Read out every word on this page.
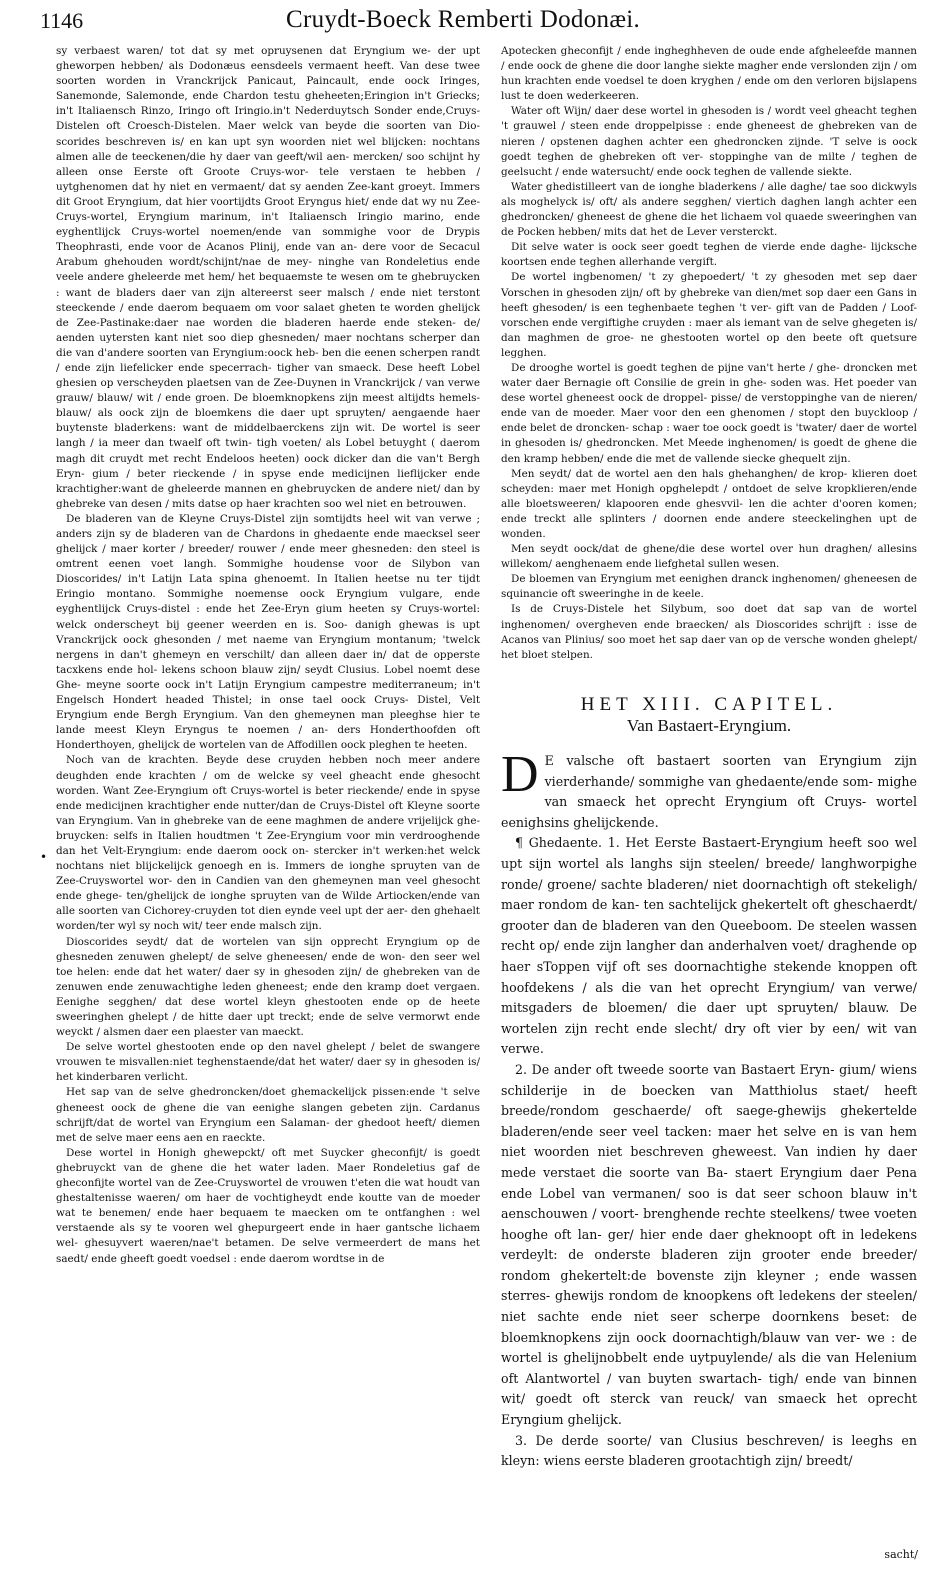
1146	Cruydt-Boeck Remberti Dodonæi.
•

sy verbaest waren/ tot dat sy met opruysenen dat Eryngium we- der upt gheworpen hebben/ als Dodonæus eensdeels vermaent heeft. Van dese twee soorten worden in Vranckrijck Panicaut, Paincault, ende oock Iringes, Sanemonde, Salemonde, ende Chardon testu gheheeten;Eringion in't Griecks; in't Italiaensch Rinzo, Iringo oft Iringio.in't Nederduytsch Sonder ende,Cruys-Distelen oft Croesch-Distelen. Maer welck van beyde die soorten van Dio- scorides beschreven is/ en kan upt syn woorden niet wel blijcken: nochtans almen alle de teeckenen/die hy daer van geeft/wil aen- mercken/ soo schijnt hy alleen onse Eerste oft Groote Cruys-wor- tele verstaen te hebben / uytghenomen dat hy niet en vermaent/ dat sy aenden Zee-kant groeyt. Immers dit Groot Eryngium, dat hier voortijdts Groot Eryngus hiet/ ende dat wy nu Zee- Cruys-wortel, Eryngium marinum, in't Italiaensch Iringio marino, ende eyghentlijck Cruys-wortel noemen/ende van sommighe voor de Drypis Theophrasti, ende voor de Acanos Plinij, ende van an- dere voor de Secacul Arabum ghehouden wordt/schijnt/nae de mey- ninghe van Rondeletius ende veele andere gheleerde met hem/ het bequaemste te wesen om te ghebruycken : want de bladers daer van zijn altereerst seer malsch / ende niet terstont steeckende / ende daerom bequaem om voor salaet gheten te worden ghelijck de Zee-Pastinake:daer nae worden die bladeren haerde ende steken- de/ aenden uytersten kant niet soo diep ghesneden/ maer nochtans scherper dan die van d'andere soorten van Eryngium:oock heb- ben die eenen scherpen randt / ende zijn liefelicker ende specerrach- tigher van smaeck. Dese heeft Lobel ghesien op verscheyden plaetsen van de Zee-Duynen in Vranckrijck / van verwe grauw/ blauw/ wit / ende groen. De bloemknopkens zijn meest altijdts hemels-blauw/ als oock zijn de bloemkens die daer upt spruyten/ aengaende haer buytenste bladerkens: want de middelbaerckens zijn wit. De wortel is seer langh / ia meer dan twaelf oft twin- tigh voeten/ als Lobel betuyght ( daerom magh dit cruydt met recht Endeloos heeten) oock dicker dan die van't Bergh Eryn- gium / beter rieckende / in spyse ende medicijnen lieflijcker ende krachtigher:want de gheleerde mannen en ghebruycken de andere niet/ dan by ghebreke van desen / mits datse op haer krachten soo wel niet en betrouwen.

De bladeren van de Kleyne Cruys-Distel zijn somtijdts heel wit van verwe ; anders zijn sy de bladeren van de Chardons in ghedaente ende maecksel seer ghelijck / maer korter / breeder/ rouwer / ende meer ghesneden: den steel is omtrent eenen voet langh. Sommighe houdense voor de Silybon van Dioscorides/ in't Latijn Lata spina ghenoemt. In Italien heetse nu ter tijdt Eringio montano. Sommighe noemense oock Eryngium vulgare, ende eyghentlijck Cruys-distel : ende het Zee-Eryn gium heeten sy Cruys-wortel: welck onderscheyt bij geener weerden en is. Soo- danigh ghewas is upt Vranckrijck oock ghesonden / met naeme van Eryngium montanum; 'twelck nergens in dan't ghemeyn en verschilt/ dan alleen daer in/ dat de opperste tacxkens ende hol- lekens schoon blauw zijn/ seydt Clusius. Lobel noemt dese Ghe- meyne soorte oock in't Latijn Eryngium campestre mediterraneum; in't Engelsch Hondert headed Thistel; in onse tael oock Cruys- Distel, Velt Eryngium ende Bergh Eryngium. Van den ghemeynen man pleeghse hier te lande meest Kleyn Eryngus te noemen / an- ders Honderthoofden oft Honderthoyen, ghelijck de wortelen van de Affodillen oock pleghen te heeten.

Noch van de krachten. Beyde dese cruyden hebben noch meer andere deughden ende krachten / om de welcke sy veel gheacht ende ghesocht worden. Want Zee-Eryngium oft Cruys-wortel is beter rieckende/ ende in spyse ende medicijnen krachtigher ende nutter/dan de Cruys-Distel oft Kleyne soorte van Eryngium. Van in ghebreke van de eene maghmen de andere vrijelijck ghe- bruycken: selfs in Italien houdtmen 't Zee-Eryngium voor min verdrooghende dan het Velt-Eryngium: ende daerom oock on- stercker in't werken:het welck nochtans niet blijckelijck genoegh en is. Immers de ionghe spruyten van de Zee-Cruyswortel wor- den in Candien van den ghemeynen man veel ghesocht ende ghege- ten/ghelijck de ionghe spruyten van de Wilde Artiocken/ende van alle soorten van Cichorey-cruyden tot dien eynde veel upt der aer- den ghehaelt worden/ter wyl sy noch wit/ teer ende malsch zijn.

Dioscorides seydt/ dat de wortelen van sijn opprecht Eryngium op de ghesneden zenuwen ghelept/ de selve gheneesen/ ende de won- den seer wel toe helen: ende dat het water/ daer sy in ghesoden zijn/ de ghebreken van de zenuwen ende zenuwachtighe leden gheneest; ende den kramp doet vergaen. Eenighe segghen/ dat dese wortel kleyn ghestooten ende op de heete sweeringhen ghelept / de hitte daer upt treckt; ende de selve vermorwt ende weyckt / alsmen daer een plaester van maeckt.

De selve wortel ghestooten ende op den navel ghelept / belet de swangere vrouwen te misvallen:niet teghenstaende/dat het water/ daer sy in ghesoden is/ het kinderbaren verlicht.

Het sap van de selve ghedroncken/doet ghemackelijck pissen:ende 't selve gheneest oock de ghene die van eenighe slangen gebeten zijn. Cardanus schrijft/dat de wortel van Eryngium een Salaman- der ghedoot heeft/ diemen met de selve maer eens aen en raeckte.

Dese wortel in Honigh ghewepckt/ oft met Suycker gheconfijt/ is goedt ghebruyckt van de ghene die het water laden. Maer Rondeletius gaf de gheconfijte wortel van de Zee-Cruyswortel de vrouwen t'eten die wat houdt van ghestaltenisse waeren/ om haer de vochtigheydt ende koutte van de moeder wat te benemen/ ende haer bequaem te maecken om te ontfanghen : wel verstaende als sy te vooren wel ghepurgeert ende in haer gantsche lichaem wel- ghesuyvert waeren/nae't betamen. De selve vermeerdert de mans het saedt/ ende gheeft goedt voedsel : ende daerom wordtse in de

Apotecken gheconfijt / ende ingheghheven de oude ende afgheleefde mannen / ende oock de ghene die door langhe siekte magher ende verslonden zijn / om hun krachten ende voedsel te doen kryghen / ende om den verloren bijslapens lust te doen wederkeeren.

Water oft Wijn/ daer dese wortel in ghesoden is / wordt veel gheacht teghen 't grauwel / steen ende droppelpisse : ende gheneest de ghebreken van de nieren / opstenen daghen achter een ghedroncken zijnde. 'T selve is oock goedt teghen de ghebreken oft ver- stoppinghe van de milte / teghen de geelsucht / ende watersucht/ ende oock teghen de vallende siekte.

Water ghedistilleert van de ionghe bladerkens / alle daghe/ tae soo dickwyls als moghelyck is/ oft/ als andere segghen/ viertich daghen langh achter een ghedroncken/ gheneest de ghene die het lichaem vol quaede sweeringhen van de Pocken hebben/ mits dat het de Lever versterckt.

Dit selve water is oock seer goedt teghen de vierde ende daghe- lijcksche koortsen ende teghen allerhande vergift.

De wortel ingbenomen/ 't zy ghepoedert/ 't zy ghesoden met sep daer Vorschen in ghesoden zijn/ oft by ghebreke van dien/met sop daer een Gans in heeft ghesoden/ is een teghenbaete teghen 't ver- gift van de Padden / Loof-vorschen ende vergiftighe cruyden : maer als iemant van de selve ghegeten is/ dan maghmen de groe- ne ghestooten wortel op den beete oft quetsure legghen.

De drooghe wortel is goedt teghen de pijne van't herte / ghe- droncken met water daer Bernagie oft Consilie de grein in ghe- soden was. Het poeder van dese wortel gheneest oock de droppel- pisse/ de verstoppinghe van de nieren/ ende van de moeder. Maer voor den een ghenomen / stopt den buyckloop / ende belet de droncken- schap : waer toe oock goedt is 'twater/ daer de wortel in ghesoden is/ ghedroncken. Met Meede inghenomen/ is goedt de ghene die den kramp hebben/ ende die met de vallende siecke ghequelt zijn.

Men seydt/ dat de wortel aen den hals ghehanghen/ de krop- klieren doet scheyden: maer met Honigh opghelepdt / ontdoet de selve kropklieren/ende alle bloetsweeren/ klapooren ende ghesvvil- len die achter d'ooren komen; ende treckt alle splinters / doornen ende andere steeckelinghen upt de wonden.

Men seydt oock/dat de ghene/die dese wortel over hun draghen/ allesins willekom/ aenghenaem ende liefghetal sullen wesen.

De bloemen van Eryngium met eenighen dranck inghenomen/ gheneesen de squinancie oft sweeringhe in de keele.

Is de Cruys-Distele het Silybum, soo doet dat sap van de wortel inghenomen/ overgheven ende braecken/ als Dioscorides schrijft : isse de Acanos van Plinius/ soo moet het sap daer van op de versche wonden ghelept/ het bloet stelpen.

HET XIII. CAPITEL.
Van Bastaert-Eryngium.

D E valsche oft bastaert soorten van Eryngium zijn vierderhande/ sommighe van ghedaente/ende som- mighe van smaeck het oprecht Eryngium oft Cruys- wortel eenighsins ghelijckende.

¶ Ghedaente. 1. Het Eerste Bastaert-Eryngium heeft soo wel upt sijn wortel als langhs sijn steelen/ breede/ langhworpighe ronde/ groene/ sachte bladeren/ niet doornachtigh oft stekeligh/ maer rondom de kan- ten sachtelijck ghekertelt oft gheschaerdt/ grooter dan de bladeren van den Queeboom. De steelen wassen recht op/ ende zijn langher dan anderhalven voet/ draghende op haer sToppen vijf oft ses doornachtighe stekende knoppen oft hoofdekens / als die van het oprecht Eryngium/ van verwe/ mitsgaders de bloemen/ die daer upt spruyten/ blauw. De wortelen zijn recht ende slecht/ dry oft vier by een/ wit van verwe.

2. De ander oft tweede soorte van Bastaert Eryn- gium/ wiens schilderije in de boecken van Matthiolus staet/ heeft breede/rondom geschaerde/ oft saege-ghewijs ghekertelde bladeren/ende seer veel tacken: maer het selve en is van hem niet woorden niet beschreven gheweest. Van indien hy daer mede verstaet die soorte van Ba- staert Eryngium daer Pena ende Lobel van vermanen/ soo is dat seer schoon blauw in't aenschouwen / voort- brenghende rechte steelkens/ twee voeten hooghe oft lan- ger/ hier ende daer gheknoopt oft in ledekens verdeylt: de onderste bladeren zijn grooter ende breeder/ rondom ghekertelt:de bovenste zijn kleyner ; ende wassen sterres- ghewijs rondom de knoopkens oft ledekens der steelen/ niet sachte ende niet seer scherpe doornkens beset: de bloemknopkens zijn oock doornachtigh/blauw van ver- we : de wortel is ghelijnobbelt ende uytpuylende/ als die van Helenium oft Alantwortel / van buyten swartach- tigh/ ende van binnen wit/ goedt oft sterck van reuck/ van smaeck het oprecht Eryngium ghelijck.

3. De derde soorte/ van Clusius beschreven/ is leeghs en kleyn: wiens eerste bladeren grootachtigh zijn/ breedt/

sacht/
